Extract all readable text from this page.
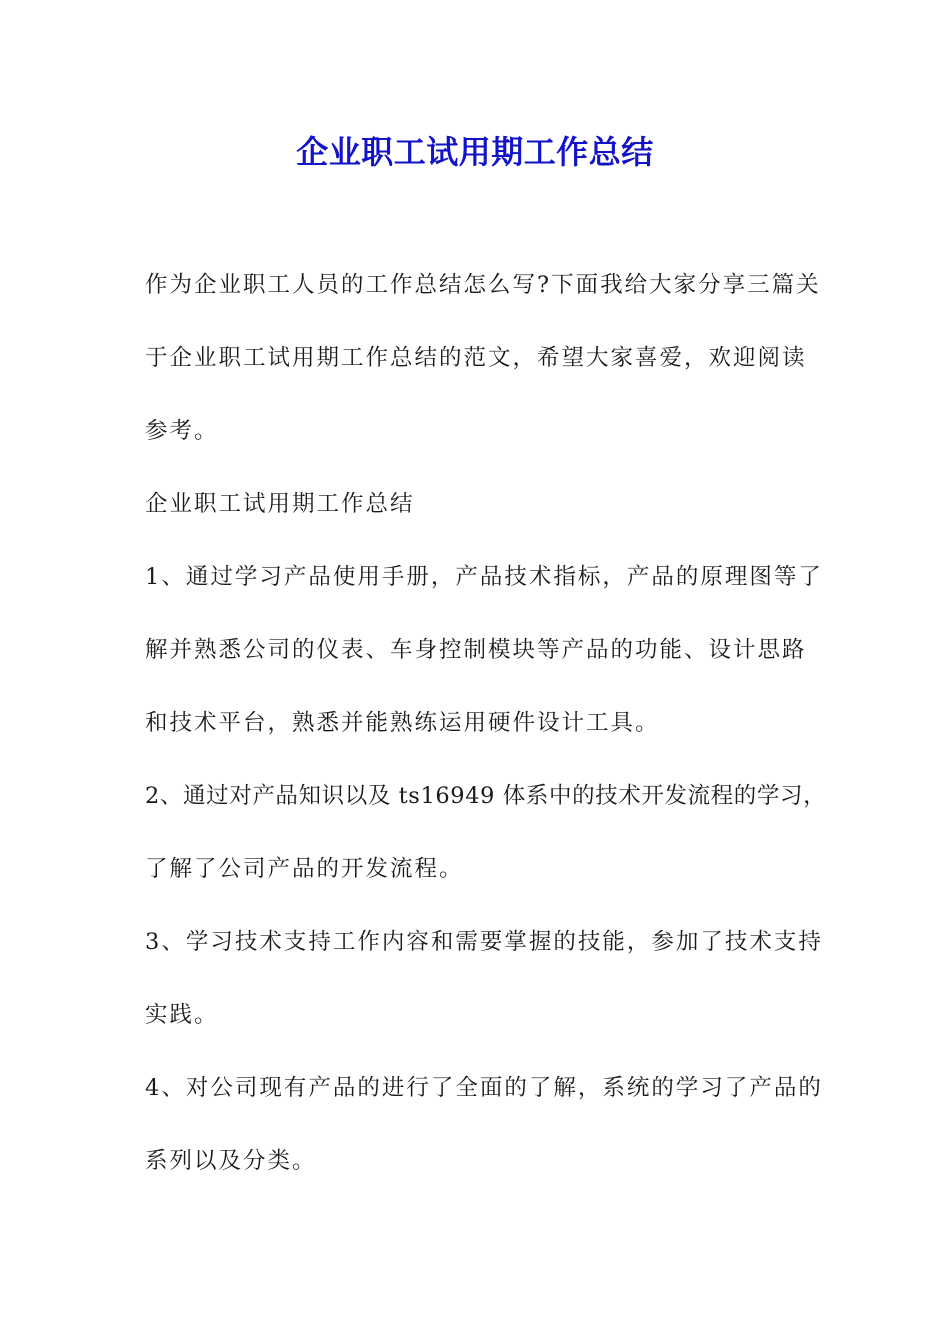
企业职工试用期工作总结
作为企业职工人员的工作总结怎么写?下面我给大家分享三篇关
于企业职工试用期工作总结的范文，希望大家喜爱，欢迎阅读
参考。
企业职工试用期工作总结
1、通过学习产品使用手册，产品技术指标，产品的原理图等了
解并熟悉公司的仪表、车身控制模块等产品的功能、设计思路
和技术平台，熟悉并能熟练运用硬件设计工具。
2、通过对产品知识以及 ts16949 体系中的技术开发流程的学习，
了解了公司产品的开发流程。
3、学习技术支持工作内容和需要掌握的技能，参加了技术支持
实践。
4、对公司现有产品的进行了全面的了解，系统的学习了产品的
系列以及分类。
